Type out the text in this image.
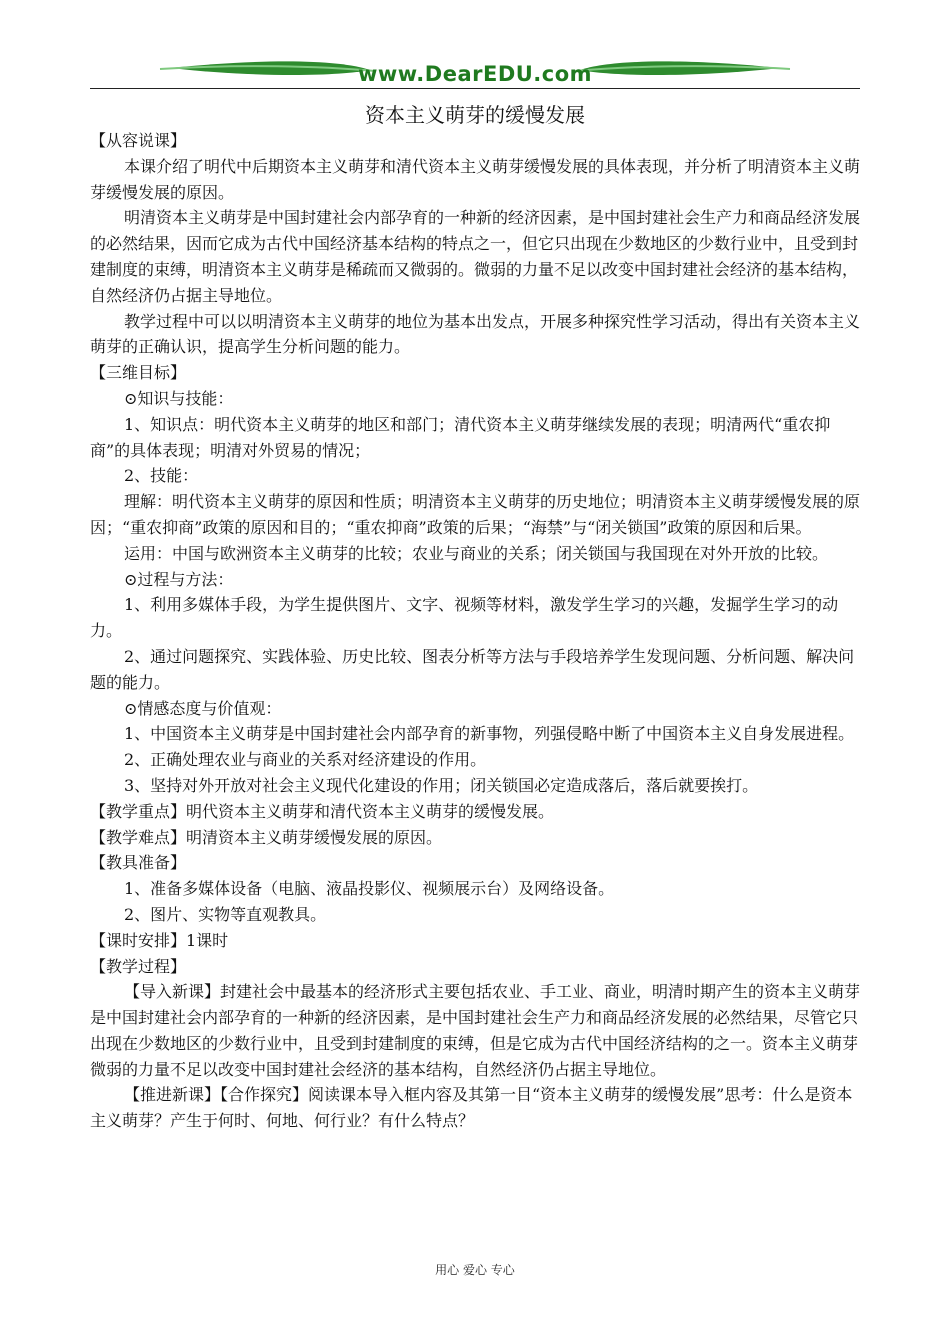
www.DearEDU.com
资本主义萌芽的缓慢发展

【从容说课】

本课介绍了明代中后期资本主义萌芽和清代资本主义萌芽缓慢发展的具体表现，并分析了明清资本主义萌芽缓慢发展的原因。

明清资本主义萌芽是中国封建社会内部孕育的一种新的经济因素，是中国封建社会生产力和商品经济发展的必然结果，因而它成为古代中国经济基本结构的特点之一，但它只出现在少数地区的少数行业中，且受到封建制度的束缚，明清资本主义萌芽是稀疏而又微弱的。微弱的力量不足以改变中国封建社会经济的基本结构，自然经济仍占据主导地位。

教学过程中可以以明清资本主义萌芽的地位为基本出发点，开展多种探究性学习活动，得出有关资本主义萌芽的正确认识，提高学生分析问题的能力。

【三维目标】

⊙知识与技能：

1、知识点：明代资本主义萌芽的地区和部门；清代资本主义萌芽继续发展的表现；明清两代“重农抑商”的具体表现；明清对外贸易的情况；

2、技能：

理解：明代资本主义萌芽的原因和性质；明清资本主义萌芽的历史地位；明清资本主义萌芽缓慢发展的原因；“重农抑商”政策的原因和目的；“重农抑商”政策的后果；“海禁”与“闭关锁国”政策的原因和后果。

运用：中国与欧洲资本主义萌芽的比较；农业与商业的关系；闭关锁国与我国现在对外开放的比较。

⊙过程与方法：

1、利用多媒体手段，为学生提供图片、文字、视频等材料，激发学生学习的兴趣，发掘学生学习的动力。

2、通过问题探究、实践体验、历史比较、图表分析等方法与手段培养学生发现问题、分析问题、解决问题的能力。

⊙情感态度与价值观：

1、中国资本主义萌芽是中国封建社会内部孕育的新事物，列强侵略中断了中国资本主义自身发展进程。

2、正确处理农业与商业的关系对经济建设的作用。

3、坚持对外开放对社会主义现代化建设的作用；闭关锁国必定造成落后，落后就要挨打。

【教学重点】明代资本主义萌芽和清代资本主义萌芽的缓慢发展。

【教学难点】明清资本主义萌芽缓慢发展的原因。

【教具准备】

1、准备多媒体设备（电脑、液晶投影仪、视频展示台）及网络设备。

2、图片、实物等直观教具。

【课时安排】1课时

【教学过程】

【导入新课】封建社会中最基本的经济形式主要包括农业、手工业、商业，明清时期产生的资本主义萌芽是中国封建社会内部孕育的一种新的经济因素，是中国封建社会生产力和商品经济发展的必然结果，尽管它只出现在少数地区的少数行业中，且受到封建制度的束缚，但是它成为古代中国经济结构的之一。资本主义萌芽微弱的力量不足以改变中国封建社会经济的基本结构，自然经济仍占据主导地位。

【推进新课】【合作探究】阅读课本导入框内容及其第一目“资本主义萌芽的缓慢发展”思考：什么是资本主义萌芽？产生于何时、何地、何行业？有什么特点？

用心 爱心 专心
